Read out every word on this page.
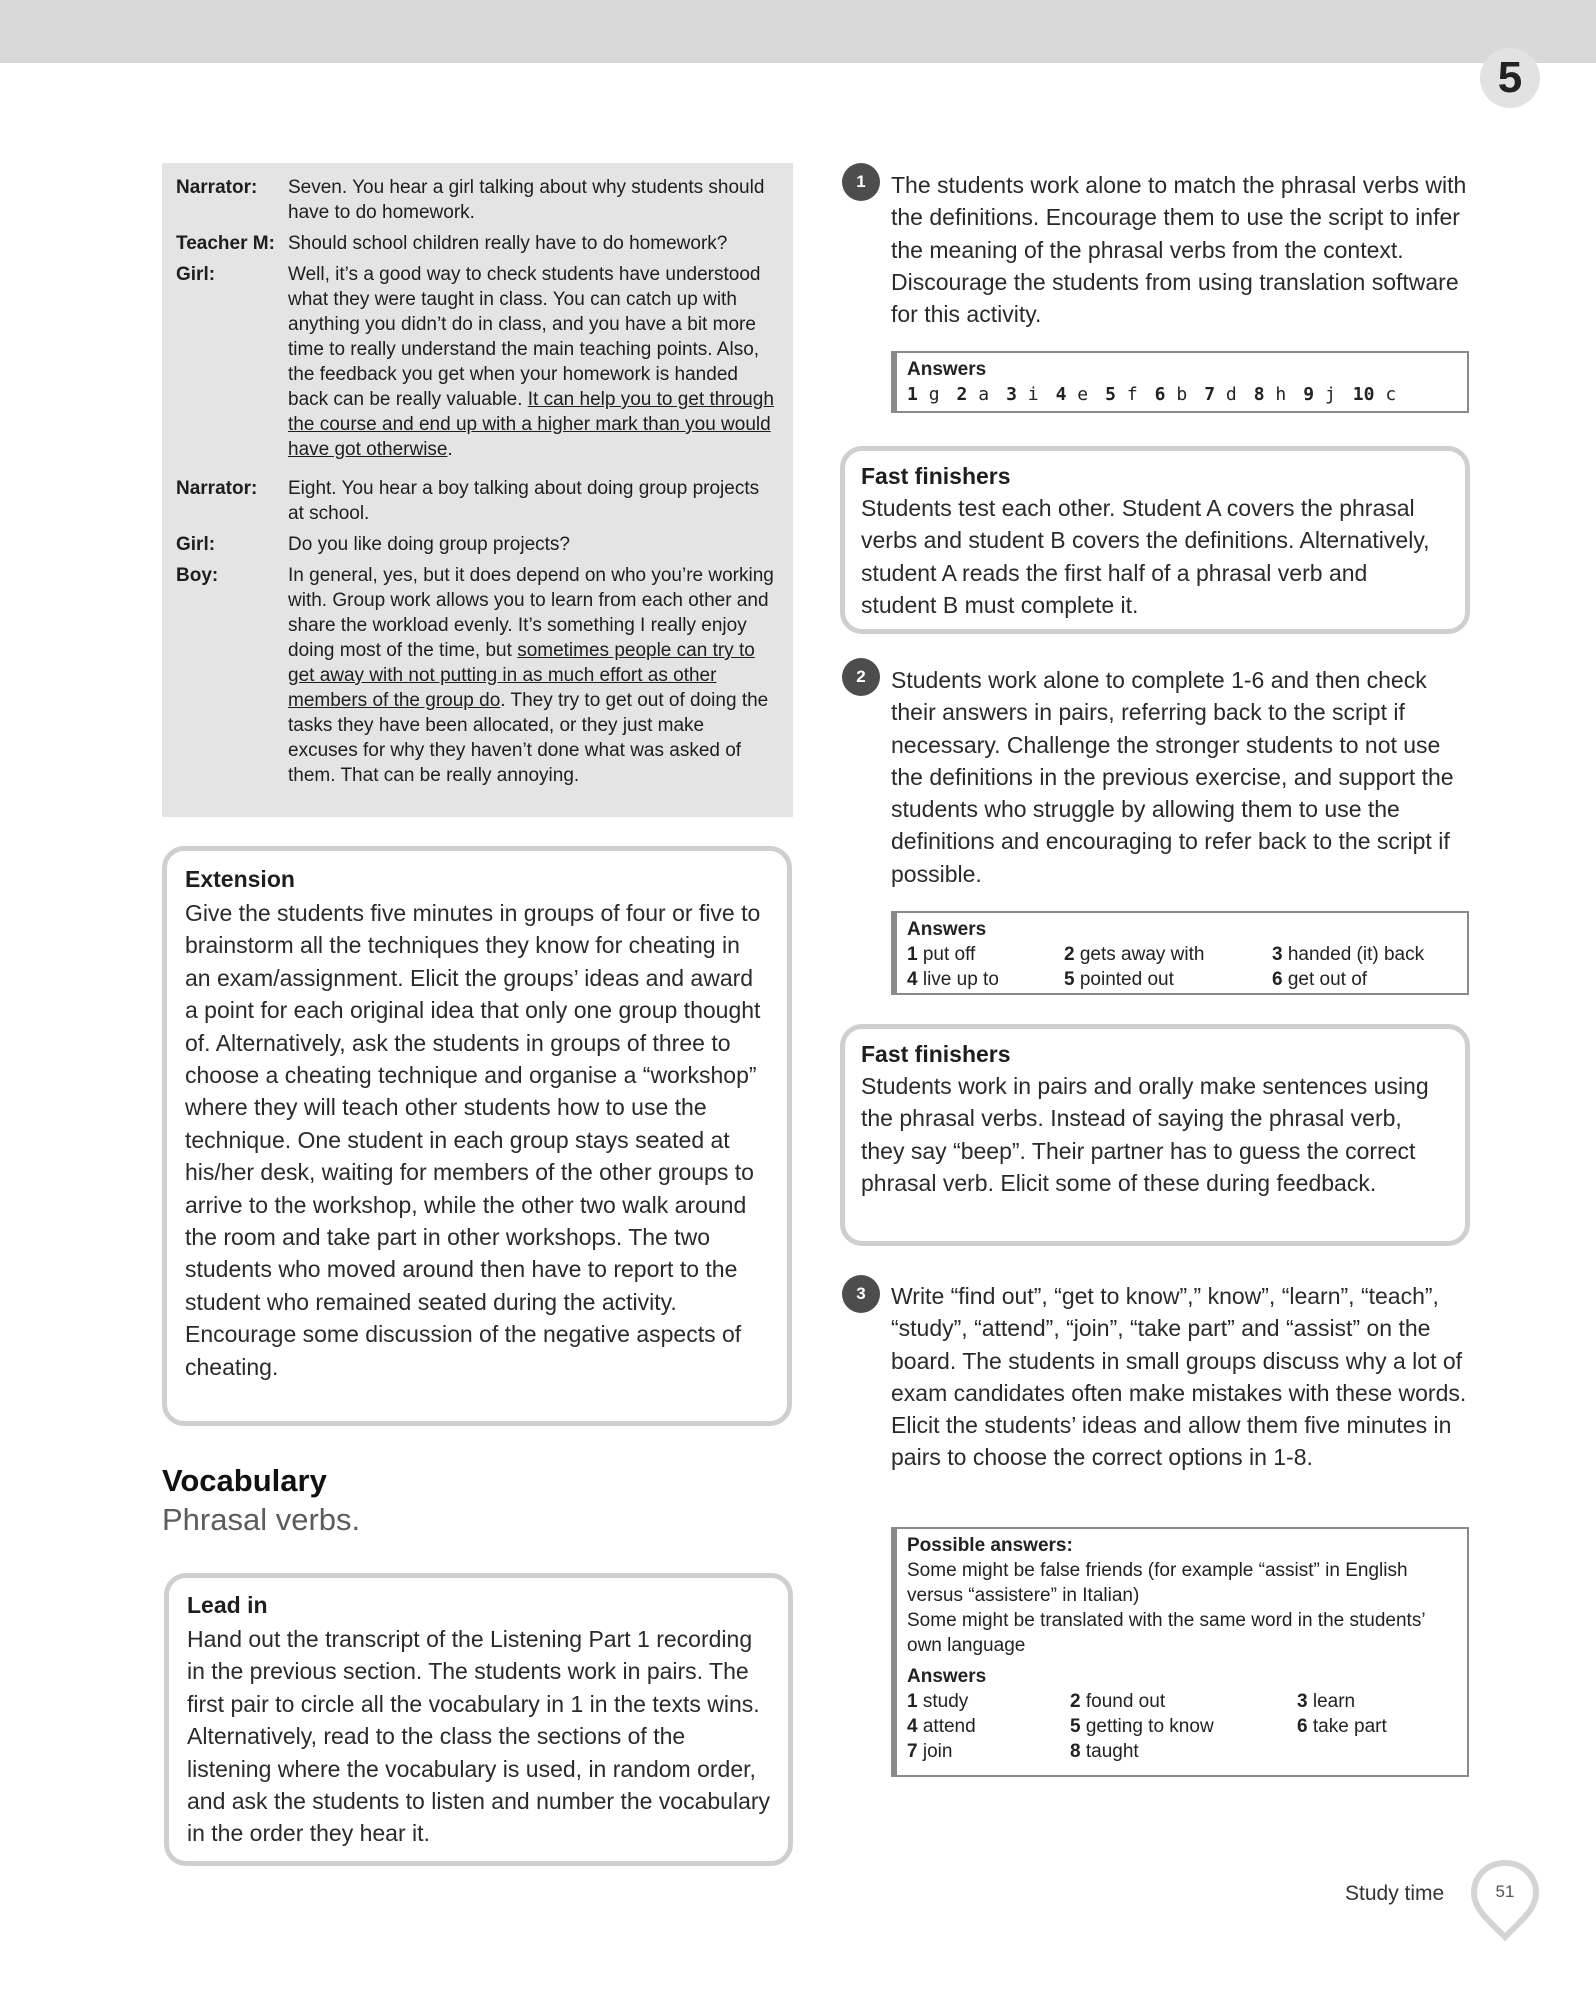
5
Narrator:	Seven. You hear a girl talking about why students should have to do homework.
Teacher M: Should school children really have to do homework?
Girl:	Well, it’s a good way to check students have understood what they were taught in class. You can catch up with anything you didn’t do in class, and you have a bit more time to really understand the main teaching points. Also, the feedback you get when your homework is handed back can be really valuable. It can help you to get through the course and end up with a higher mark than you would have got otherwise.
Narrator:	Eight. You hear a boy talking about doing group projects at school.
Girl:	Do you like doing group projects?
Boy:	In general, yes, but it does depend on who you’re working with. Group work allows you to learn from each other and share the workload evenly. It’s something I really enjoy doing most of the time, but sometimes people can try to get away with not putting in as much effort as other members of the group do. They try to get out of doing the tasks they have been allocated, or they just make excuses for why they haven’t done what was asked of them. That can be really annoying.
Extension
Give the students five minutes in groups of four or five to brainstorm all the techniques they know for cheating in an exam/assignment. Elicit the groups’ ideas and award a point for each original idea that only one group thought of. Alternatively, ask the students in groups of three to choose a cheating technique and organise a “workshop” where they will teach other students how to use the technique. One student in each group stays seated at his/her desk, waiting for members of the other groups to arrive to the workshop, while the other two walk around the room and take part in other workshops. The two students who moved around then have to report to the student who remained seated during the activity. Encourage some discussion of the negative aspects of cheating.
Vocabulary
Phrasal verbs.
Lead in
Hand out the transcript of the Listening Part 1 recording in the previous section. The students work in pairs. The first pair to circle all the vocabulary in 1 in the texts wins. Alternatively, read to the class the sections of the listening where the vocabulary is used, in random order, and ask the students to listen and number the vocabulary in the order they hear it.
1	The students work alone to match the phrasal verbs with the definitions. Encourage them to use the script to infer the meaning of the phrasal verbs from the context. Discourage the students from using translation software for this activity.
Answers
1 g 2 a 3 i 4 e 5 f 6 b 7 d 8 h 9 j 10 c
Fast finishers
Students test each other. Student A covers the phrasal verbs and student B covers the definitions. Alternatively, student A reads the first half of a phrasal verb and student B must complete it.
2	Students work alone to complete 1-6 and then check their answers in pairs, referring back to the script if necessary. Challenge the stronger students to not use the definitions in the previous exercise, and support the students who struggle by allowing them to use the definitions and encouraging to refer back to the script if possible.
Answers
1 put off	2 gets away with	3 handed (it) back
4 live up to	5 pointed out	6 get out of
Fast finishers
Students work in pairs and orally make sentences using the phrasal verbs. Instead of saying the phrasal verb, they say “beep”. Their partner has to guess the correct phrasal verb. Elicit some of these during feedback.
3	Write “find out”, “get to know”,” know”, “learn”, “teach”, “study”, “attend”, “join”, “take part” and “assist” on the board. The students in small groups discuss why a lot of exam candidates often make mistakes with these words. Elicit the students’ ideas and allow them five minutes in pairs to choose the correct options in 1-8.
Possible answers:
Some might be false friends (for example “assist” in English versus “assistere” in Italian)
Some might be translated with the same word in the students’ own language
Answers
1 study	2 found out	3 learn
4 attend	5 getting to know	6 take part
7 join	8 taught
Study time	51
